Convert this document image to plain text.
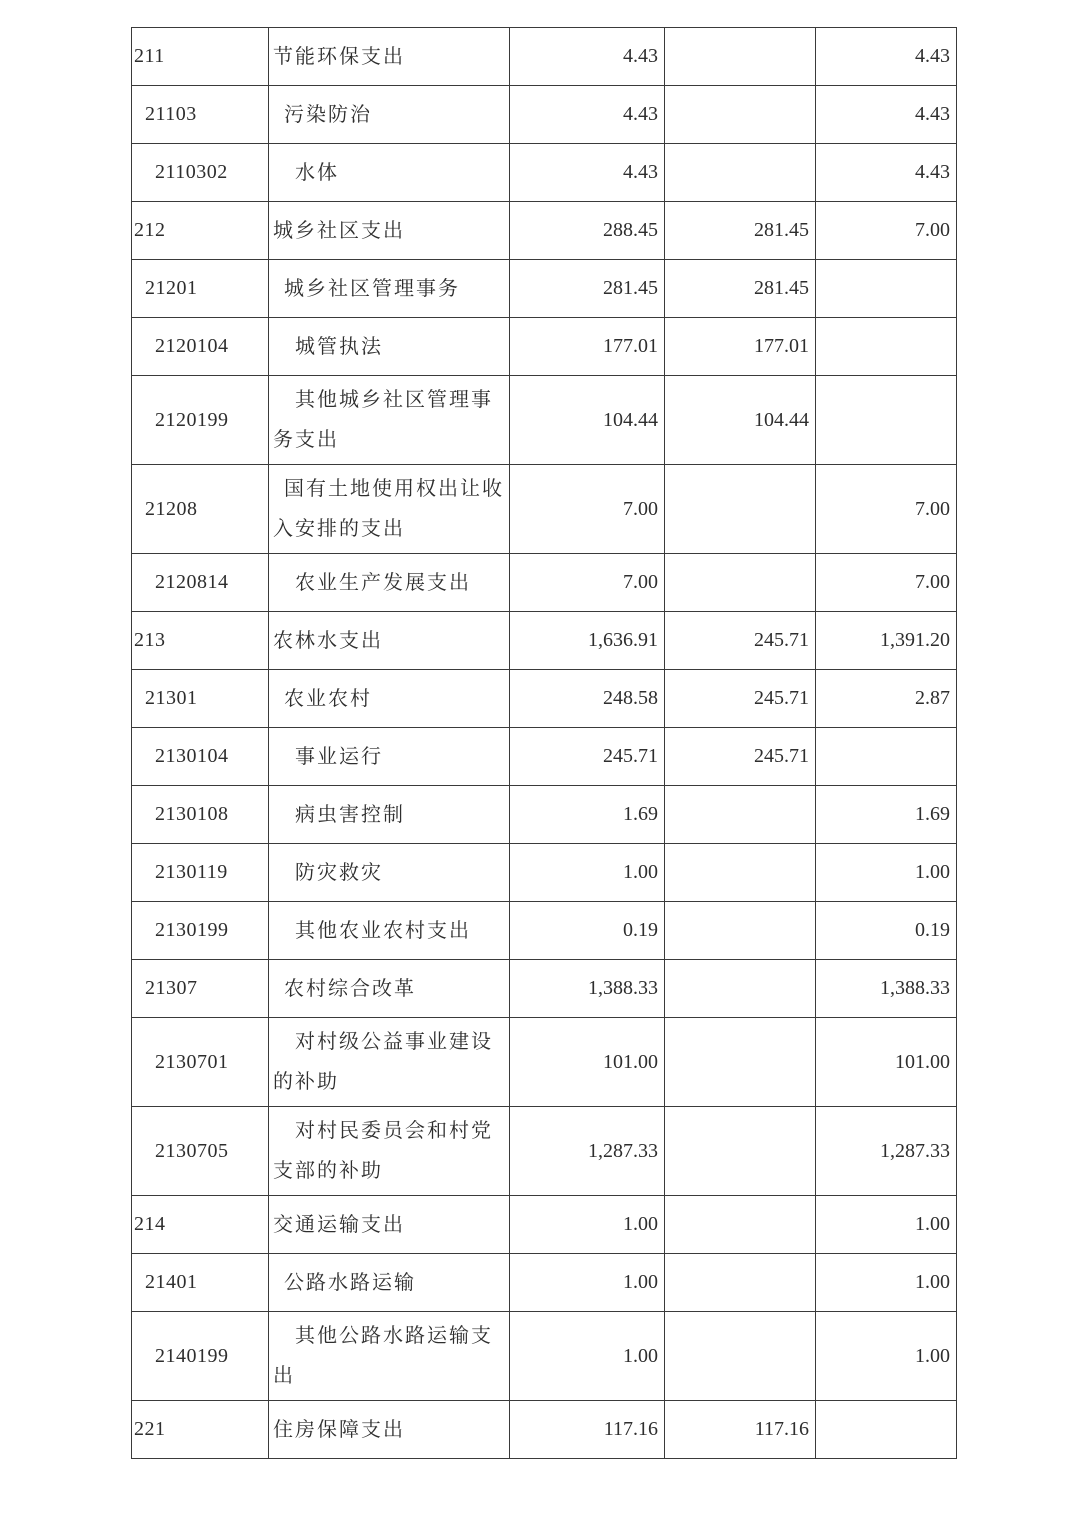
211	节能环保支出	4.43		4.43
21103	污染防治	4.43		4.43
2110302	水体	4.43		4.43
212	城乡社区支出	288.45	281.45	7.00
21201	城乡社区管理事务	281.45	281.45	
2120104	城管执法	177.01	177.01	
2120199	其他城乡社区管理事务支出	104.44	104.44	
21208	国有土地使用权出让收入安排的支出	7.00		7.00
2120814	农业生产发展支出	7.00		7.00
213	农林水支出	1,636.91	245.71	1,391.20
21301	农业农村	248.58	245.71	2.87
2130104	事业运行	245.71	245.71	
2130108	病虫害控制	1.69		1.69
2130119	防灾救灾	1.00		1.00
2130199	其他农业农村支出	0.19		0.19
21307	农村综合改革	1,388.33		1,388.33
2130701	对村级公益事业建设的补助	101.00		101.00
2130705	对村民委员会和村党支部的补助	1,287.33		1,287.33
214	交通运输支出	1.00		1.00
21401	公路水路运输	1.00		1.00
2140199	其他公路水路运输支出	1.00		1.00
221	住房保障支出	117.16	117.16	
